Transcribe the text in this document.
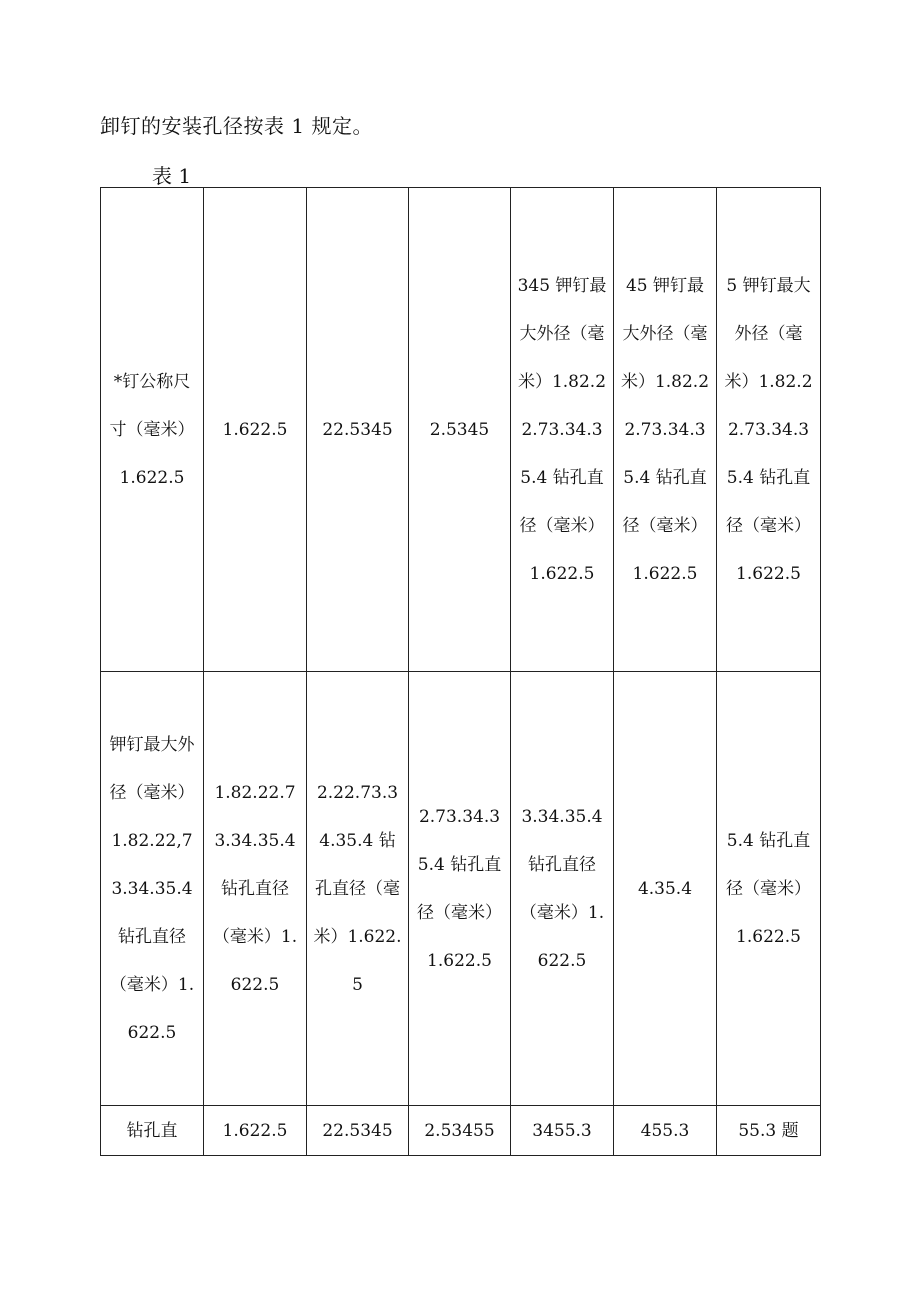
卸钉的安装孔径按表 1 规定。
表 1
*钉公称尺寸（毫米）1.622.5	1.622.5	22.5345	2.5345	345 钾钉最大外径（毫米）1.82.22.73.34.35.4 钻孔直径（毫米）1.622.5	45 钾钉最大外径（毫米）1.82.22.73.34.35.4 钻孔直径（毫米）1.622.5	5 钾钉最大外径（毫米）1.82.22.73.34.35.4 钻孔直径（毫米）1.622.5
钾钉最大外径（毫米）1.82.22,73.34.35.4 钻孔直径（毫米）1.622.5	1.82.22.73.34.35.4 钻孔直径（毫米）1.622.5	2.22.73.34.35.4 钻孔直径（毫米）1.622.5	2.73.34.35.4 钻孔直径（毫米）1.622.5	3.34.35.4 钻孔直径（毫米）1.622.5	4.35.4	5.4 钻孔直径（毫米）1.622.5
钻孔直	1.622.5	22.5345	2.53455	3455.3	455.3	55.3 题
